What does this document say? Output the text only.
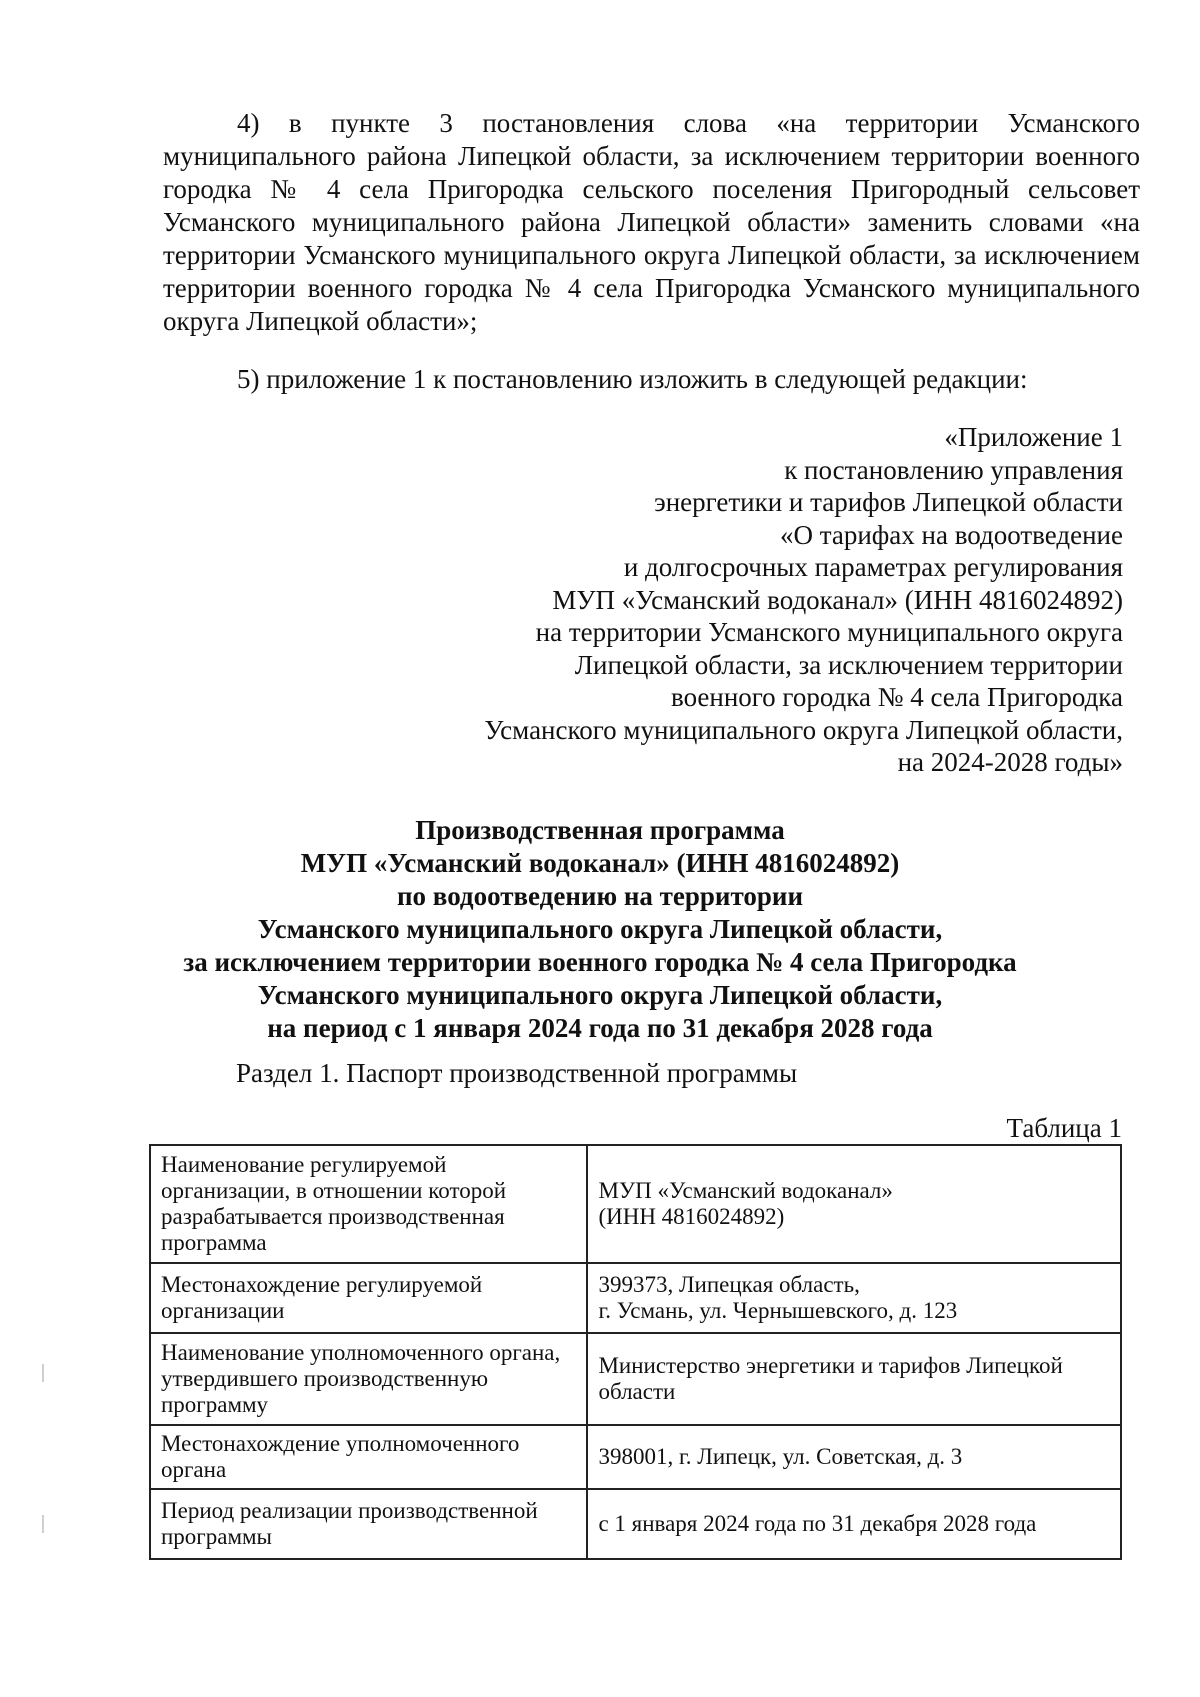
4) в пункте 3 постановления слова «на территории Усманского муниципального района Липецкой области, за исключением территории военного городка № 4 села Пригородка сельского поселения Пригородный сельсовет Усманского муниципального района Липецкой области» заменить словами «на территории Усманского муниципального округа Липецкой области, за исключением территории военного городка № 4 села Пригородка Усманского муниципального округа Липецкой области»;

5) приложение 1 к постановлению изложить в следующей редакции:

«Приложение 1
к постановлению управления
энергетики и тарифов Липецкой области
«О тарифах на водоотведение
и долгосрочных параметрах регулирования
МУП «Усманский водоканал» (ИНН 4816024892)
на территории Усманского муниципального округа
Липецкой области, за исключением территории
военного городка № 4 села Пригородка
Усманского муниципального округа Липецкой области,
на 2024-2028 годы»
Производственная программа
МУП «Усманский водоканал» (ИНН 4816024892)
по водоотведению на территории
Усманского муниципального округа Липецкой области,
за исключением территории военного городка № 4 села Пригородка
Усманского муниципального округа Липецкой области,
на период с 1 января 2024 года по 31 декабря 2028 года
Раздел 1. Паспорт производственной программы
Таблица 1
Наименование регулируемой организации, в отношении которой разрабатывается производственная программа	МУП «Усманский водоканал»
(ИНН 4816024892)

Местонахождение регулируемой организации	399373, Липецкая область,
г. Усмань, ул. Чернышевского, д. 123

Наименование уполномоченного органа, утвердившего производственную программу	Министерство энергетики и тарифов Липецкой области

Местонахождение уполномоченного органа	398001, г. Липецк, ул. Советская, д. 3

Период реализации производственной программы	с 1 января 2024 года по 31 декабря 2028 года
